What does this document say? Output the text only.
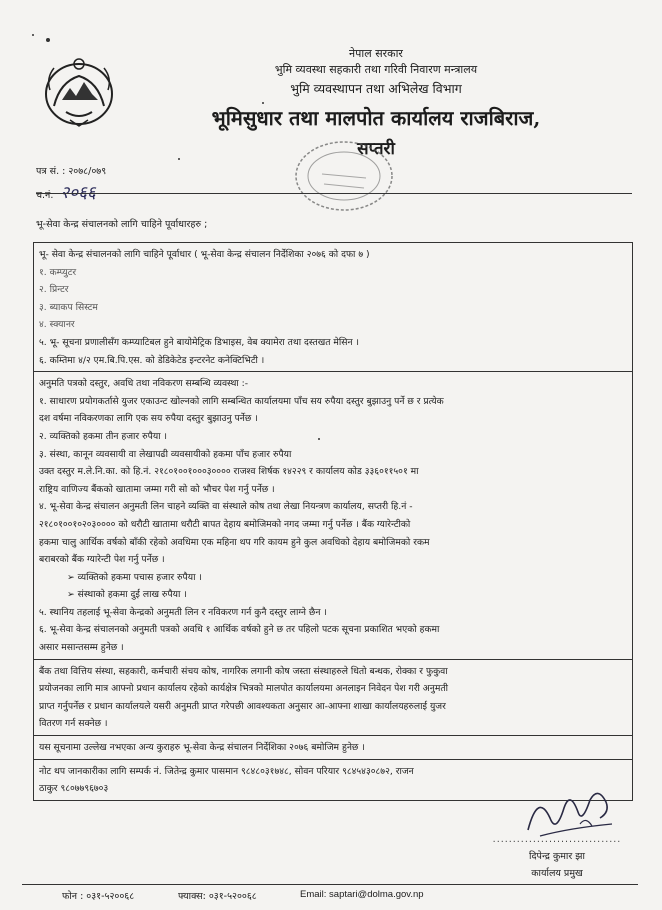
नेपाल सरकार
भुमि व्यवस्था सहकारी तथा गरिवी निवारण मन्त्रालय
भुमि व्यवस्थापन तथा अभिलेख विभाग
भूमिसुधार तथा मालपोत कार्यालय राजबिराज,
सप्तरी
पत्र सं. : २०७८/०७९
च.नं. २०६६
भू-सेवा केन्द्र संचालनको लागि चाहिने पूर्वाधारहरु ;
भू- सेवा केन्द्र संचालनको लागि चाहिने पूर्वाधार ( भू-सेवा केन्द्र संचालन निर्देशिका २०७६ को दफा ७ )
१. कम्प्युटर
२. प्रिन्टर
३. ब्याकप सिस्टम
४. स्क्यानर
५. भू- सूचना प्रणालीसँग कम्प्याटिबल हुने बायोमेट्रिक डिभाइस, वेब क्यामेरा तथा दस्तखत मेसिन ।
६. कम्तिमा ४/२ एम.बि.पि.एस. को डेडिकेटेड इन्टरनेट कनेक्टिभिटी ।
अनुमति पत्रको दस्तुर, अवधि तथा नविकरण सम्बन्धि व्यवस्था :-
१. साधारण प्रयोगकर्तासे युजर एकाउन्ट खोल्नको लागि सम्बन्धित कार्यालयमा पाँच सय रुपैया दस्तुर बुझाउनु पर्ने छ र प्रत्येक
दश वर्षमा नविकरणका लागि एक सय रुपैया दस्तुर बुझाउनु पर्नेछ ।
२. व्यक्तिको हकमा तीन हजार रुपैया ।
३. संस्था, कानून व्यवसायी वा लेखापढी व्यवसायीको हकमा पाँच हजार रुपैया
उक्त दस्तुर म.ले.नि.का. को हि.नं. २१८०१००१०००३०००० राजश्व शिर्षक १४२२९ र कार्यालय कोड ३३६०११५०१ मा
राष्ट्रिय वाणिज्य बैंकको खातामा जम्मा गरी सो को भौचर पेश गर्नु पर्नेछ ।
४. भू-सेवा केन्द्र संचालन अनुमती लिन चाहने व्यक्ति वा संस्थाले कोष तथा लेखा नियन्त्रण कार्यालय, सप्तरी हि.नं -
२१८०१००१०२०३०००० को धरौटी खातामा धरौटी बापत देहाय बमोजिमको नगद जम्मा गर्नु पर्नेछ । बैंक ग्यारेन्टीको
हकमा चालु आर्थिक वर्षको बाँकी रहेको अवधिमा एक महिना थप गरि कायम हुने कुल अवधिको देहाय बमोजिमको रकम
बराबरको बैंक ग्यारेन्टी पेश गर्नु पर्नेछ ।
➢ व्यक्तिको हकमा पचास हजार रुपैया ।
➢ संस्थाको हकमा दुई लाख रुपैया ।
५. स्थानिय तहलाई भू-सेवा केन्द्रको अनुमती लिन र नविकरण गर्न कुनै दस्तुर लाग्ने छैन ।
६. भू-सेवा केन्द्र संचालनको अनुमती पत्रको अवधि १ आर्थिक वर्षको हुने छ तर पहिलो पटक सूचना प्रकाशित भएको हकमा
असार मसान्तसम्म हुनेछ ।
बैंक तथा वित्तिय संस्था, सहकारी, कर्मचारी संचय कोष, नागरिक लगानी कोष जस्ता संस्थाहरुले धितो बन्धक, रोक्का र फुकुवा
प्रयोजनका लागि मात्र आफ्नो प्रधान कार्यालय रहेको कार्यक्षेत्र भित्रको मालपोत कार्यालयमा अनलाइन निवेदन पेश गरी अनुमती
प्राप्त गर्नुपर्नेछ र प्रधान कार्यालयले यसरी अनुमती प्राप्त गरेपछी आवश्यकता अनुसार आ-आफ्ना शाखा कार्यालयहरुलाई युजर
वितरण गर्न सक्नेछ ।
यस सूचनामा उल्लेख नभएका अन्य कुराहरु भू-सेवा केन्द्र संचालन निर्देशिका २०७६ बमोजिम हुनेछ ।
नोट थप जानकारीका लागि सम्पर्क नं. जितेन्द्र कुमार पासमान ९८४८०३१७४८, सोवन परियार ९८४५४३०८७२, राजन
ठाकुर ९८०७७९६७०३
................................
दिपेन्द्र कुमार झा
कार्यालय प्रमुख
फोन : ०३१-५२००६८	फ्याक्स: ०३१-५२००६८	Email: saptari@dolma.gov.np
